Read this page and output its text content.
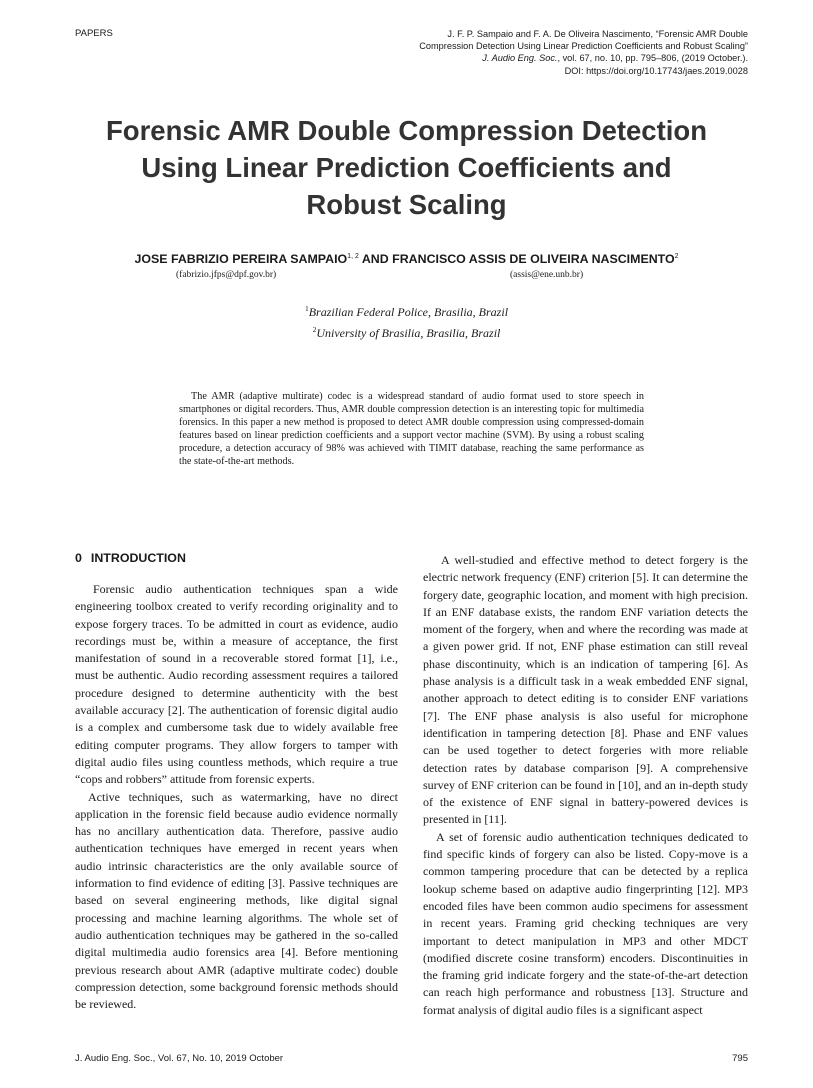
PAPERS	J. F. P. Sampaio and F. A. De Oliveira Nascimento, “Forensic AMR Double
Compression Detection Using Linear Prediction Coefficients and Robust Scaling”
J. Audio Eng. Soc., vol. 67, no. 10, pp. 795–806, (2019 October.).
DOI: https://doi.org/10.17743/jaes.2019.0028
Forensic AMR Double Compression Detection
Using Linear Prediction Coefficients and
Robust Scaling
JOSE FABRIZIO PEREIRA SAMPAIO$^{1, 2}$ AND FRANCISCO ASSIS DE OLIVEIRA NASCIMENTO$^2$
(fabrizio.jfps@dpf.gov.br)	(assis@ene.unb.br)
$^1$Brazilian Federal Police, Brasilia, Brazil
$^2$University of Brasilia, Brasilia, Brazil

The AMR (adaptive multirate) codec is a widespread standard of audio format used to store speech in smartphones or digital recorders. Thus, AMR double compression detection is an interesting topic for multimedia forensics. In this paper a new method is proposed to detect AMR double compression using compressed-domain features based on linear prediction coefficients and a support vector machine (SVM). By using a robust scaling procedure, a detection accuracy of 98% was achieved with TIMIT database, reaching the same performance as the state-of-the-art methods.

0 INTRODUCTION

Forensic audio authentication techniques span a wide engineering toolbox created to verify recording originality and to expose forgery traces. To be admitted in court as evidence, audio recordings must be, within a measure of acceptance, the first manifestation of sound in a recoverable stored format [1], i.e., must be authentic. Audio recording assessment requires a tailored procedure designed to determine authenticity with the best available accuracy [2]. The authentication of forensic digital audio is a complex and cumbersome task due to widely available free editing computer programs. They allow forgers to tamper with digital audio files using countless methods, which require a true “cops and robbers” attitude from forensic experts.

Active techniques, such as watermarking, have no direct application in the forensic field because audio evidence normally has no ancillary authentication data. Therefore, passive audio authentication techniques have emerged in recent years when audio intrinsic characteristics are the only available source of information to find evidence of editing [3]. Passive techniques are based on several engineering methods, like digital signal processing and machine learning algorithms. The whole set of audio authentication techniques may be gathered in the so-called digital multimedia audio forensics area [4]. Before mentioning previous research about AMR (adaptive multirate codec) double compression detection, some background forensic methods should be reviewed.

A well-studied and effective method to detect forgery is the electric network frequency (ENF) criterion [5]. It can determine the forgery date, geographic location, and moment with high precision. If an ENF database exists, the random ENF variation detects the moment of the forgery, when and where the recording was made at a given power grid. If not, ENF phase estimation can still reveal phase discontinuity, which is an indication of tampering [6]. As phase analysis is a difficult task in a weak embedded ENF signal, another approach to detect editing is to consider ENF variations [7]. The ENF phase analysis is also useful for microphone identification in tampering detection [8]. Phase and ENF values can be used together to detect forgeries with more reliable detection rates by database comparison [9]. A comprehensive survey of ENF criterion can be found in [10], and an in-depth study of the existence of ENF signal in battery-powered devices is presented in [11].

A set of forensic audio authentication techniques dedicated to find specific kinds of forgery can also be listed. Copy-move is a common tampering procedure that can be detected by a replica lookup scheme based on adaptive audio fingerprinting [12]. MP3 encoded files have been common audio specimens for assessment in recent years. Framing grid checking techniques are very important to detect manipulation in MP3 and other MDCT (modified discrete cosine transform) encoders. Discontinuities in the framing grid indicate forgery and the state-of-the-art detection can reach high performance and robustness [13]. Structure and format analysis of digital audio files is a significant aspect

J. Audio Eng. Soc., Vol. 67, No. 10, 2019 October	795
